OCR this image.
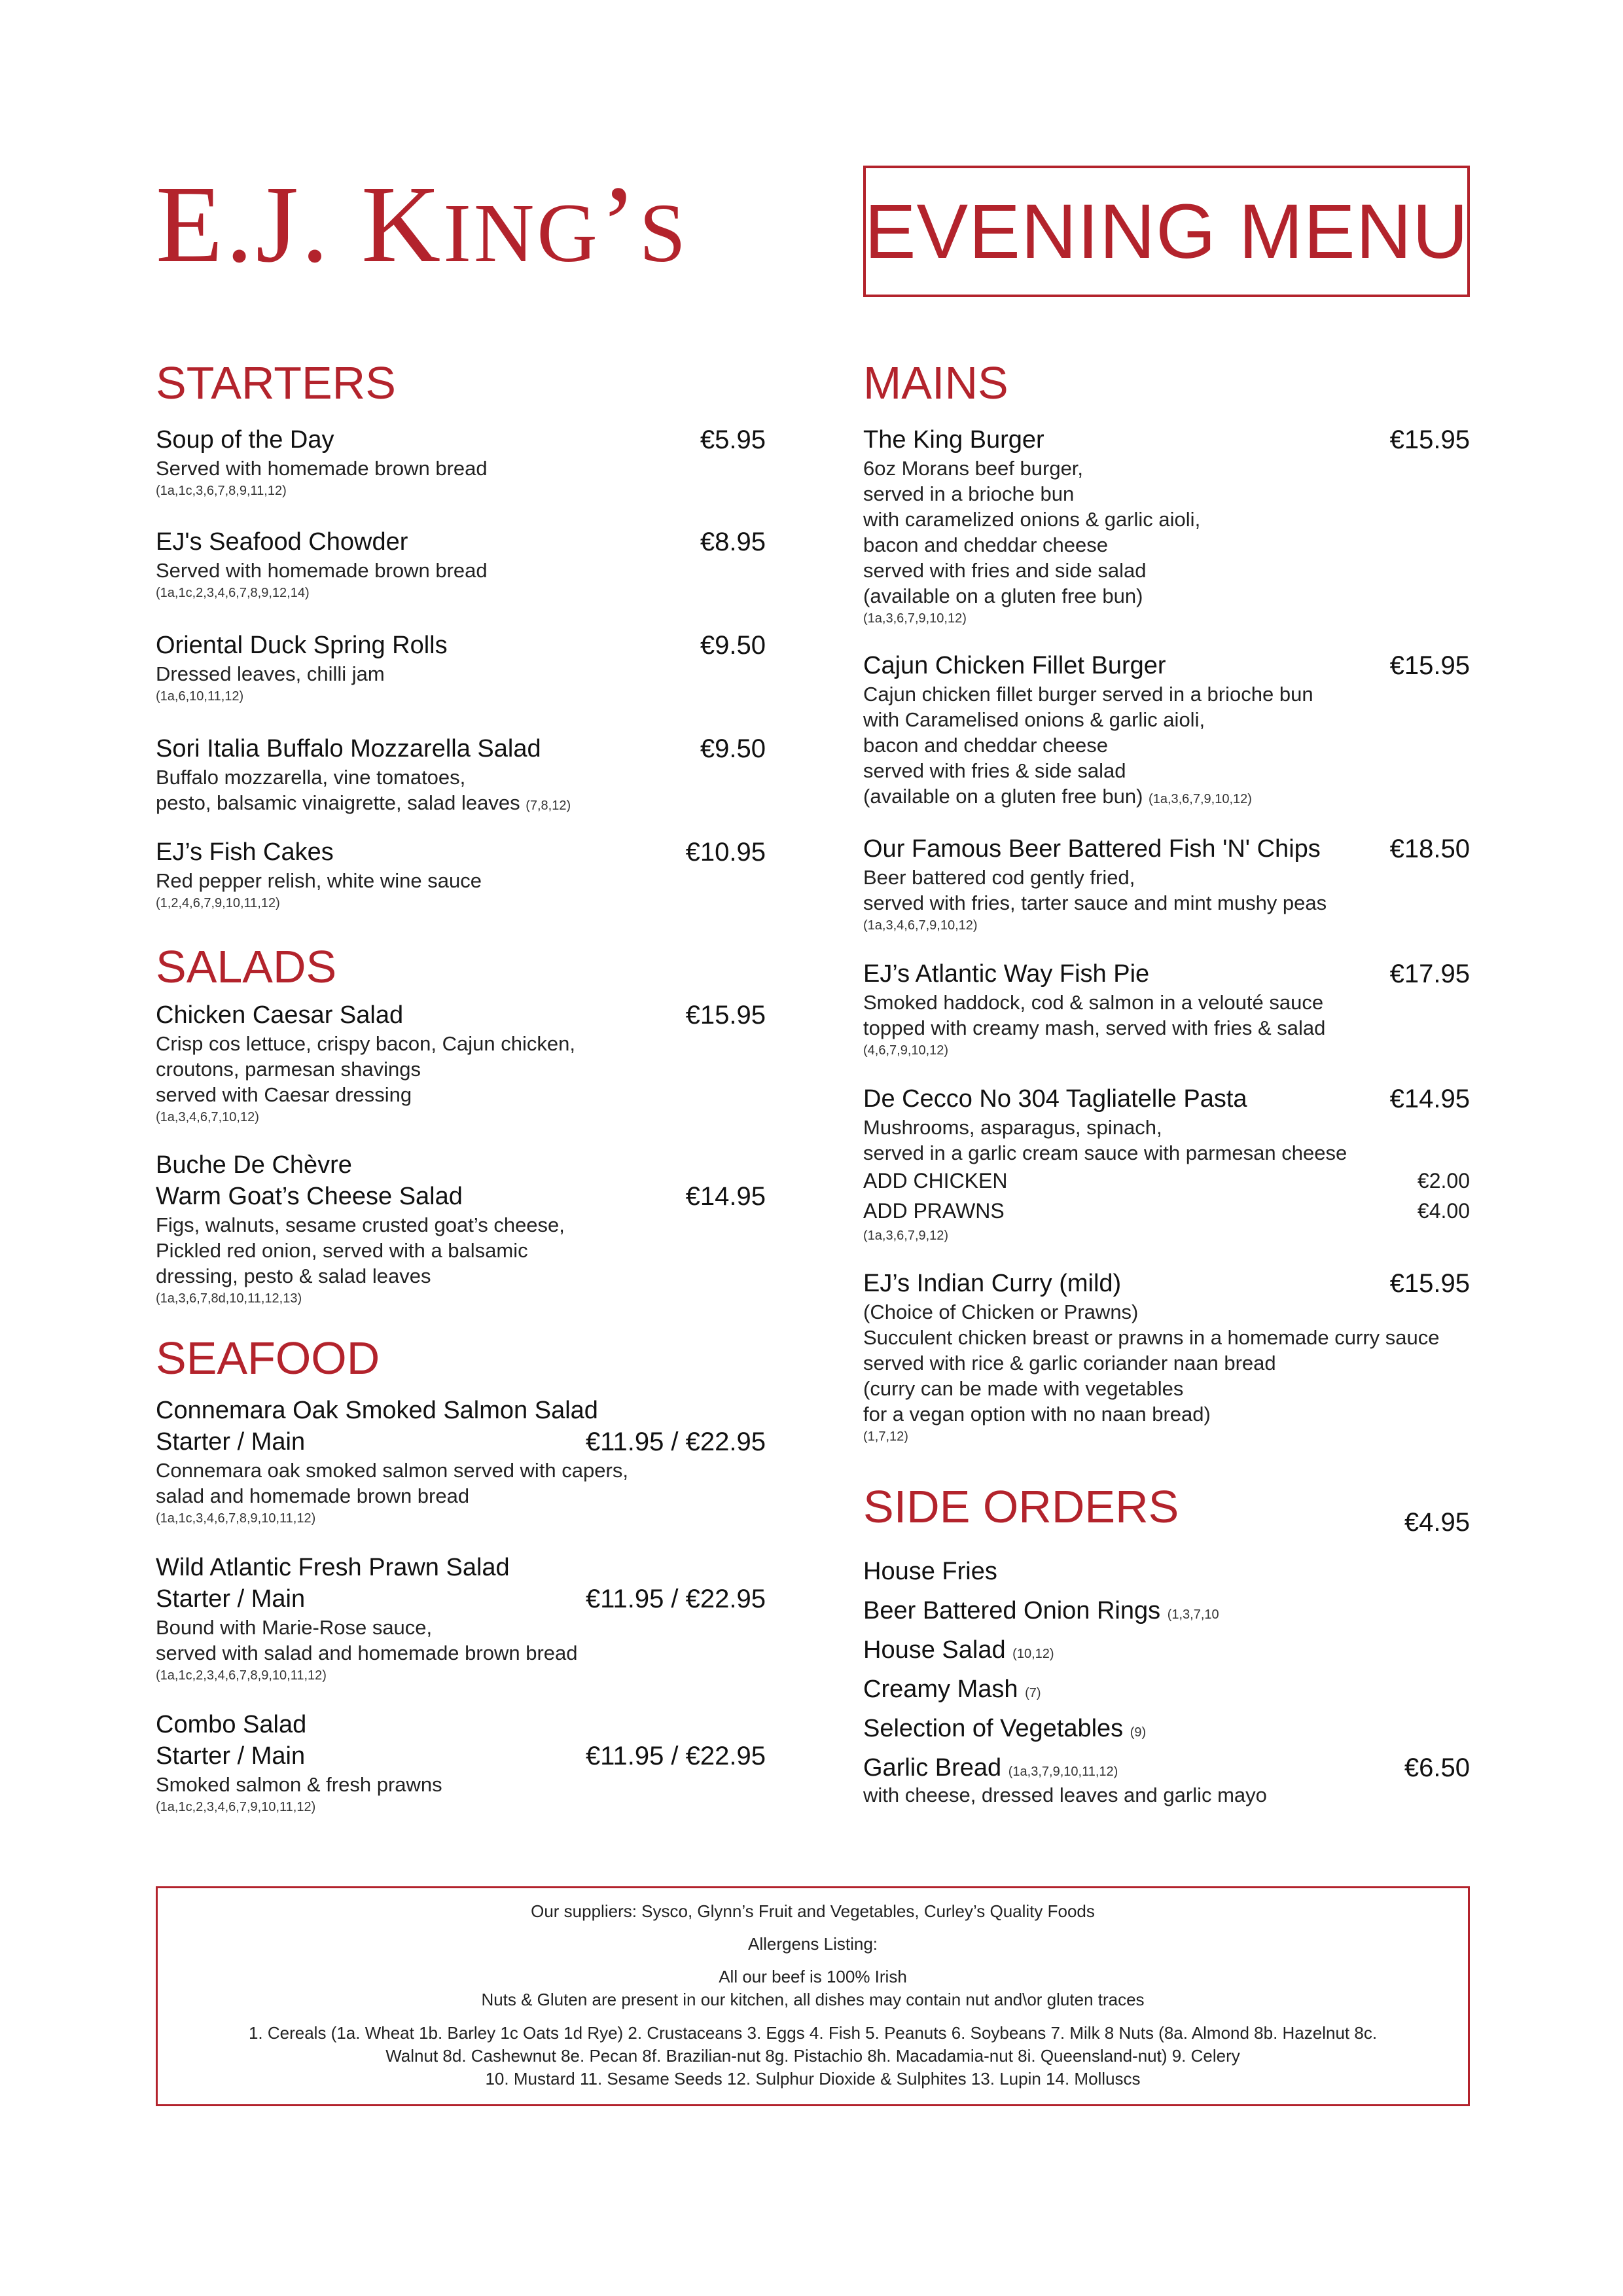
E.J. KING’S	EVENING MENU
STARTERS
Soup of the Day	€5.95
Served with homemade brown bread
(1a,1c,3,6,7,8,9,11,12)
EJ's Seafood Chowder	€8.95
Served with homemade brown bread
(1a,1c,2,3,4,6,7,8,9,12,14)
Oriental Duck Spring Rolls	€9.50
Dressed leaves, chilli jam
(1a,6,10,11,12)
Sori Italia Buffalo Mozzarella Salad	€9.50
Buffalo mozzarella, vine tomatoes,
pesto, balsamic vinaigrette, salad leaves (7,8,12)
EJ’s Fish Cakes	€10.95
Red pepper relish, white wine sauce
(1,2,4,6,7,9,10,11,12)
SALADS
Chicken Caesar Salad	€15.95
Crisp cos lettuce, crispy bacon, Cajun chicken,
croutons, parmesan shavings
served with Caesar dressing
(1a,3,4,6,7,10,12)
Buche De Chèvre
Warm Goat’s Cheese Salad	€14.95
Figs, walnuts, sesame crusted goat’s cheese,
Pickled red onion, served with a balsamic
dressing, pesto & salad leaves
(1a,3,6,7,8d,10,11,12,13)
SEAFOOD
Connemara Oak Smoked Salmon Salad
Starter / Main	€11.95 / €22.95
Connemara oak smoked salmon served with capers,
salad and homemade brown bread
(1a,1c,3,4,6,7,8,9,10,11,12)
Wild Atlantic Fresh Prawn Salad
Starter / Main	€11.95 / €22.95
Bound with Marie-Rose sauce,
served with salad and homemade brown bread
(1a,1c,2,3,4,6,7,8,9,10,11,12)
Combo Salad
Starter / Main	€11.95 / €22.95
Smoked salmon & fresh prawns
(1a,1c,2,3,4,6,7,9,10,11,12)
MAINS
The King Burger	€15.95
6oz Morans beef burger,
served in a brioche bun
with caramelized onions & garlic aioli,
bacon and cheddar cheese
served with fries and side salad
(available on a gluten free bun)
(1a,3,6,7,9,10,12)
Cajun Chicken Fillet Burger	€15.95
Cajun chicken fillet burger served in a brioche bun
with Caramelised onions & garlic aioli,
bacon and cheddar cheese
served with fries & side salad
(available on a gluten free bun) (1a,3,6,7,9,10,12)
Our Famous Beer Battered Fish 'N' Chips	€18.50
Beer battered cod gently fried,
served with fries, tarter sauce and mint mushy peas
(1a,3,4,6,7,9,10,12)
EJ’s Atlantic Way Fish Pie	€17.95
Smoked haddock, cod & salmon in a velouté sauce
topped with creamy mash, served with fries & salad
(4,6,7,9,10,12)
De Cecco No 304 Tagliatelle Pasta	€14.95
Mushrooms, asparagus, spinach,
served in a garlic cream sauce with parmesan cheese
ADD CHICKEN	€2.00
ADD PRAWNS	€4.00
(1a,3,6,7,9,12)
EJ’s Indian Curry (mild)	€15.95
(Choice of Chicken or Prawns)
Succulent chicken breast or prawns in a homemade curry sauce
served with rice & garlic coriander naan bread
(curry can be made with vegetables
for a vegan option with no naan bread)
(1,7,12)
SIDE ORDERS	€4.95
House Fries
Beer Battered Onion Rings (1,3,7,10
House Salad (10,12)
Creamy Mash (7)
Selection of Vegetables (9)
Garlic Bread (1a,3,7,9,10,11,12)	€6.50
with cheese, dressed leaves and garlic mayo
Our suppliers: Sysco, Glynn’s Fruit and Vegetables, Curley’s Quality Foods
Allergens Listing:
All our beef is 100% Irish
Nuts & Gluten are present in our kitchen, all dishes may contain nut and\or gluten traces
1. Cereals (1a. Wheat 1b. Barley 1c Oats 1d Rye) 2. Crustaceans 3. Eggs 4. Fish 5. Peanuts 6. Soybeans 7. Milk 8 Nuts (8a. Almond 8b. Hazelnut 8c.
Walnut 8d. Cashewnut 8e. Pecan 8f. Brazilian-nut 8g. Pistachio 8h. Macadamia-nut 8i. Queensland-nut) 9. Celery
10. Mustard 11. Sesame Seeds 12. Sulphur Dioxide & Sulphites 13. Lupin 14. Molluscs
